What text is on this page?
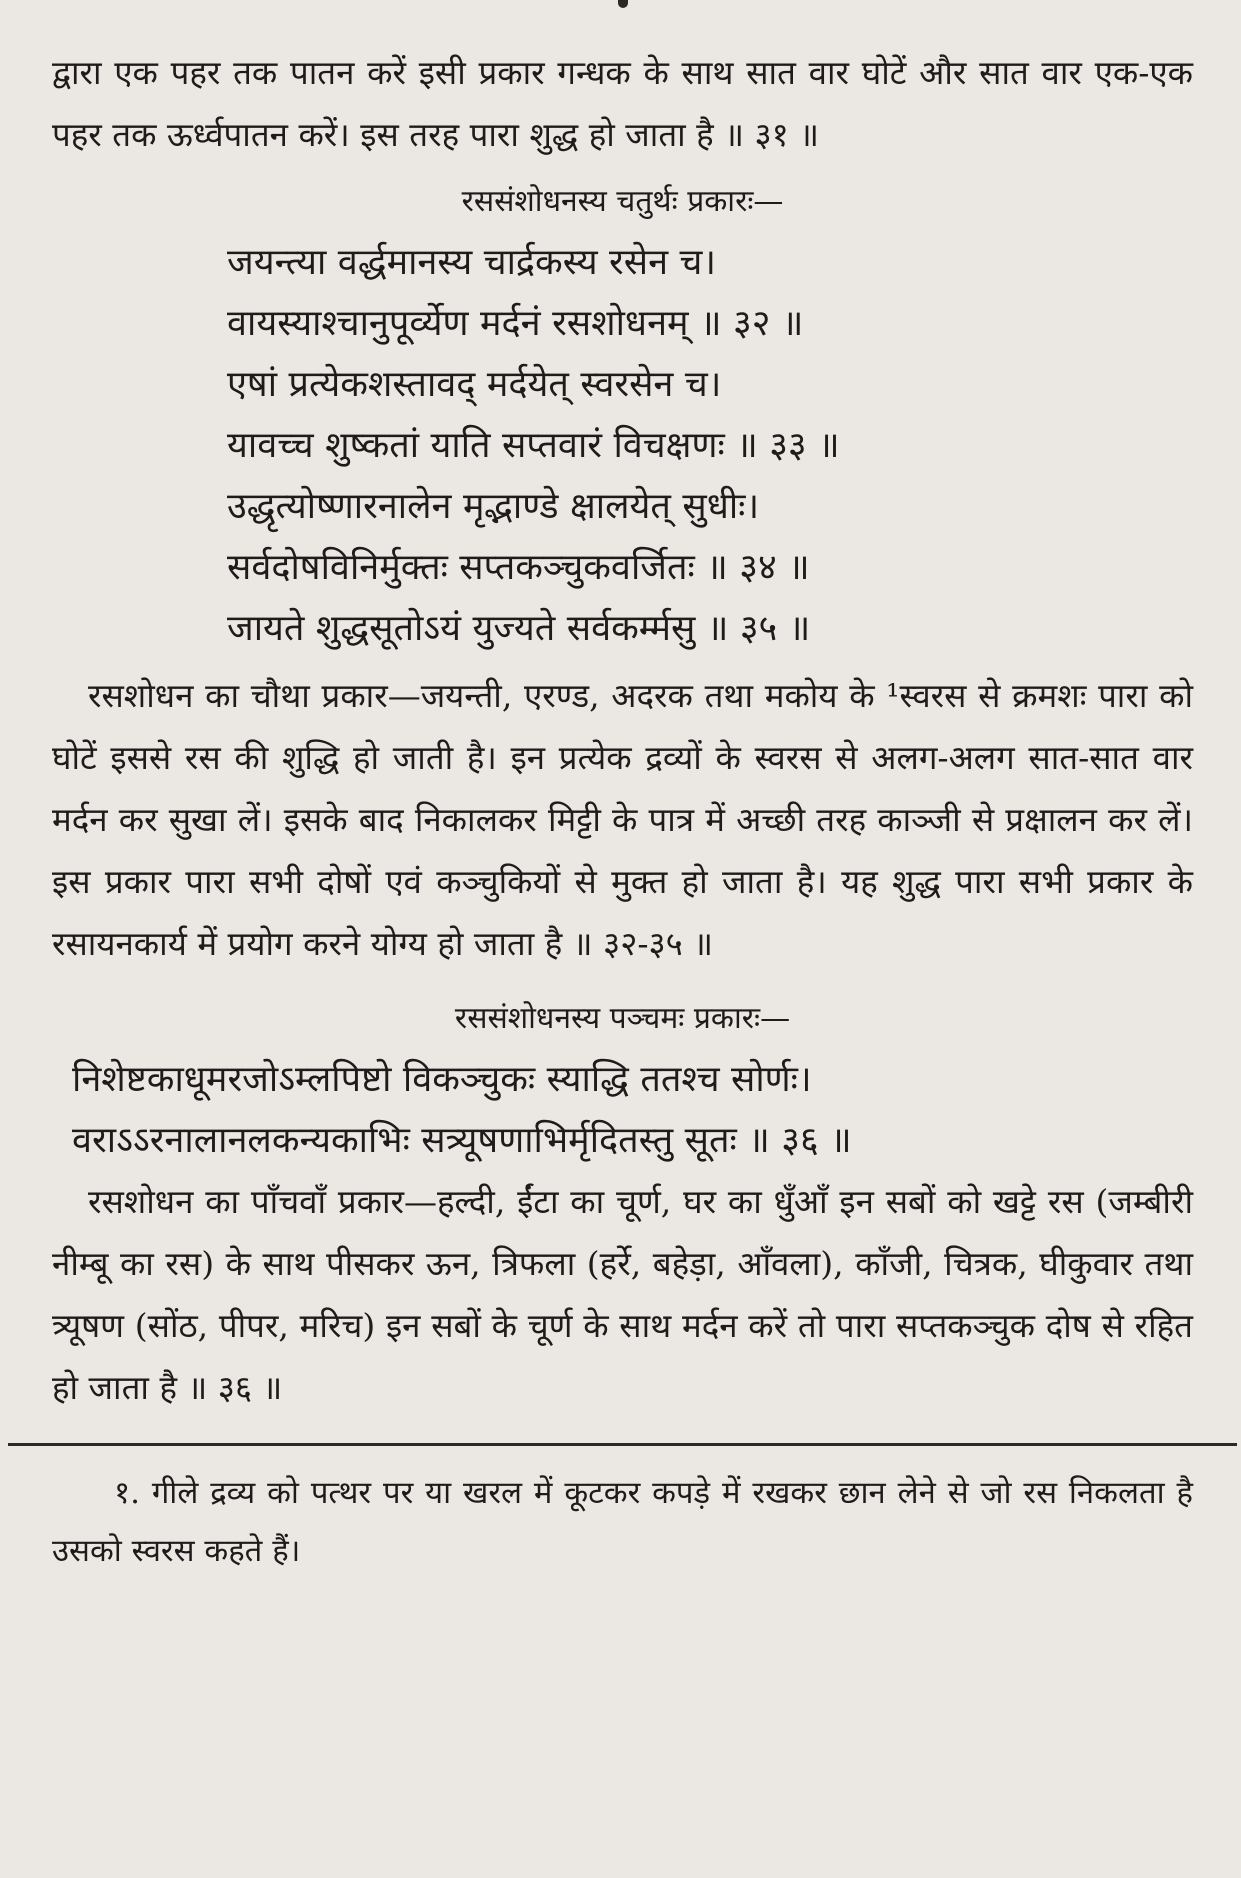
द्वारा एक पहर तक पातन करें इसी प्रकार गन्धक के साथ सात वार घोटें और सात वार एक-एक पहर तक ऊर्ध्वपातन करें। इस तरह पारा शुद्ध हो जाता है ॥ ३१ ॥

रससंशोधनस्य चतुर्थः प्रकारः—

जयन्त्या वर्द्धमानस्य चार्द्रकस्य रसेन च।

वायस्याश्चानुपूर्व्येण मर्दनं रसशोधनम् ॥ ३२ ॥

एषां प्रत्येकशस्तावद् मर्दयेत् स्वरसेन च।

यावच्च शुष्कतां याति सप्तवारं विचक्षणः ॥ ३३ ॥

उद्धृत्योष्णारनालेन मृद्भाण्डे क्षालयेत् सुधीः।

सर्वदोषविनिर्मुक्तः सप्तकञ्चुकवर्जितः ॥ ३४ ॥

जायते शुद्धसूतोऽयं युज्यते सर्वकर्म्मसु ॥ ३५ ॥

रसशोधन का चौथा प्रकार—जयन्ती, एरण्ड, अदरक तथा मकोय के ¹स्वरस से क्रमशः पारा को घोटें इससे रस की शुद्धि हो जाती है। इन प्रत्येक द्रव्यों के स्वरस से अलग-अलग सात-सात वार मर्दन कर सुखा लें। इसके बाद निकालकर मिट्टी के पात्र में अच्छी तरह काञ्जी से प्रक्षालन कर लें। इस प्रकार पारा सभी दोषों एवं कञ्चुकियों से मुक्त हो जाता है। यह शुद्ध पारा सभी प्रकार के रसायनकार्य में प्रयोग करने योग्य हो जाता है ॥ ३२-३५ ॥

रससंशोधनस्य पञ्चमः प्रकारः—

निशेष्टकाधूमरजोऽम्लपिष्टो विकञ्चुकः स्याद्धि ततश्च सोर्णः।

वराऽऽरनालानलकन्यकाभिः सत्र्यूषणाभिर्मृदितस्तु सूतः ॥ ३६ ॥

रसशोधन का पाँचवाँ प्रकार—हल्दी, ईंटा का चूर्ण, घर का धुँआँ इन सबों को खट्टे रस (जम्बीरी नीम्बू का रस) के साथ पीसकर ऊन, त्रिफला (हर्रे, बहेड़ा, आँवला), काँजी, चित्रक, घीकुवार तथा त्र्यूषण (सोंठ, पीपर, मरिच) इन सबों के चूर्ण के साथ मर्दन करें तो पारा सप्तकञ्चुक दोष से रहित हो जाता है ॥ ३६ ॥

१. गीले द्रव्य को पत्थर पर या खरल में कूटकर कपड़े में रखकर छान लेने से जो रस निकलता है उसको स्वरस कहते हैं।
